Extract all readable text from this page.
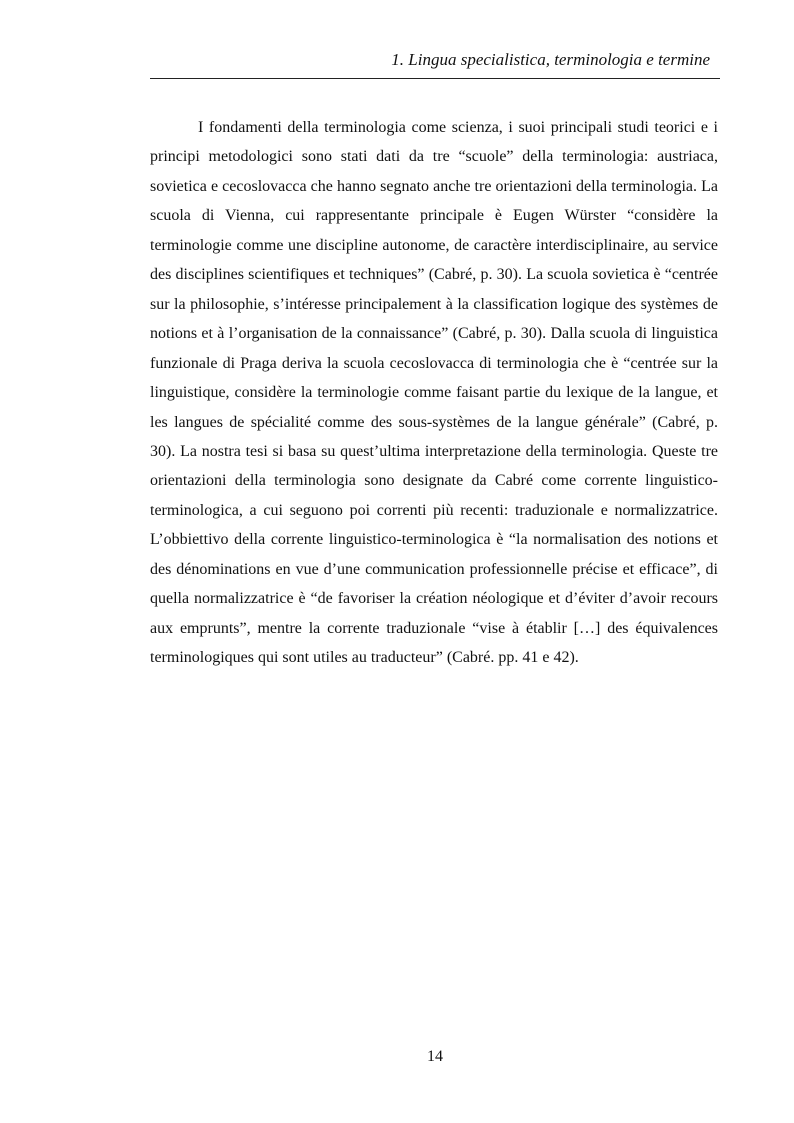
1. Lingua specialistica, terminologia e termine

I fondamenti della terminologia come scienza, i suoi principali studi teorici e i principi metodologici sono stati dati da tre “scuole” della terminologia: austriaca, sovietica e cecoslovacca che hanno segnato anche tre orientazioni della terminologia. La scuola di Vienna, cui rappresentante principale è Eugen Würster “considère la terminologie comme une discipline autonome, de caractère interdisciplinaire, au service des disciplines scientifiques et techniques” (Cabré, p. 30). La scuola sovietica è “centrée sur la philosophie, s’intéresse principalement à la classification logique des systèmes de notions et à l’organisation de la connaissance” (Cabré, p. 30). Dalla scuola di linguistica funzionale di Praga deriva la scuola cecoslovacca di terminologia che è “centrée sur la linguistique, considère la terminologie comme faisant partie du lexique de la langue, et les langues de spécialité comme des sous-systèmes de la langue générale” (Cabré, p. 30). La nostra tesi si basa su quest’ultima interpretazione della terminologia. Queste tre orientazioni della terminologia sono designate da Cabré come corrente linguistico-terminologica, a cui seguono poi correnti più recenti: traduzionale e normalizzatrice. L’obbiettivo della corrente linguistico-terminologica è “la normalisation des notions et des dénominations en vue d’une communication professionnelle précise et efficace”, di quella normalizzatrice è “de favoriser la création néologique et d’éviter d’avoir recours aux emprunts”, mentre la corrente traduzionale “vise à établir […] des équivalences terminologiques qui sont utiles au traducteur” (Cabré. pp. 41 e 42).

14
